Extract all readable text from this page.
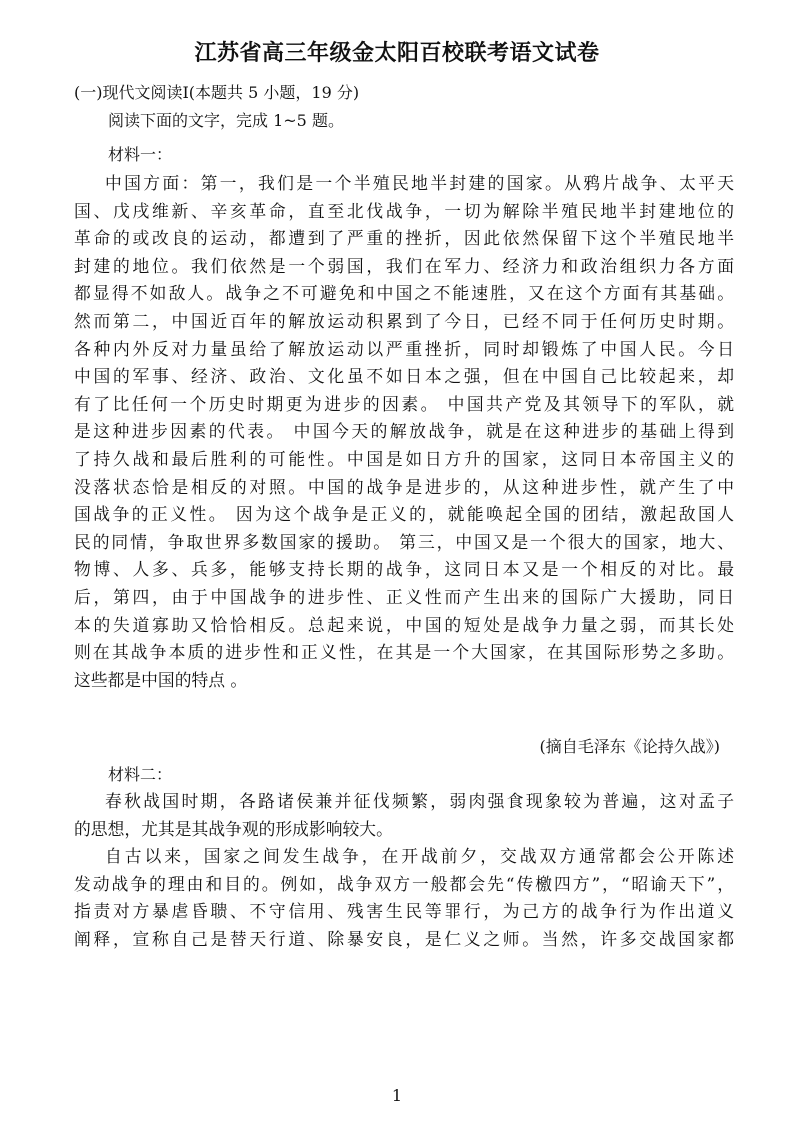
江苏省高三年级金太阳百校联考语文试卷
(一)现代文阅读I(本题共 5 小题，19 分)
阅读下面的文字，完成 1~5 题。
材料一：
中国方面：第一，我们是一个半殖民地半封建的国家。从鸦片战争、太平天
国、戊戌维新、辛亥革命，直至北伐战争，一切为解除半殖民地半封建地位的
革命的或改良的运动，都遭到了严重的挫折，因此依然保留下这个半殖民地半
封建的地位。我们依然是一个弱国，我们在军力、经济力和政治组织力各方面
都显得不如敌人。战争之不可避免和中国之不能速胜，又在这个方面有其基础。
然而第二，中国近百年的解放运动积累到了今日，已经不同于任何历史时期。
各种内外反对力量虽给了解放运动以严重挫折，同时却锻炼了中国人民。今日
中国的军事、经济、政治、文化虽不如日本之强，但在中国自己比较起来，却
有了比任何一个历史时期更为进步的因素。 中国共产党及其领导下的军队，就
是这种进步因素的代表。 中国今天的解放战争，就是在这种进步的基础上得到
了持久战和最后胜利的可能性。中国是如日方升的国家，这同日本帝国主义的
没落状态恰是相反的对照。中国的战争是进步的，从这种进步性，就产生了中
国战争的正义性。 因为这个战争是正义的，就能唤起全国的团结，激起敌国人
民的同情，争取世界多数国家的援助。 第三，中国又是一个很大的国家，地大、
物博、人多、兵多，能够支持长期的战争，这同日本又是一个相反的对比。最
后，第四，由于中国战争的进步性、正义性而产生出来的国际广大援助，同日
本的失道寡助又恰恰相反。总起来说，中国的短处是战争力量之弱，而其长处
则在其战争本质的进步性和正义性，在其是一个大国家，在其国际形势之多助。
这些都是中国的特点 。
(摘自毛泽东《论持久战》)
材料二：
春秋战国时期，各路诸侯兼并征伐频繁，弱肉强食现象较为普遍，这对孟子
的思想，尤其是其战争观的形成影响较大。
自古以来，国家之间发生战争，在开战前夕，交战双方通常都会公开陈述
发动战争的理由和目的。例如，战争双方一般都会先“传檄四方”，“昭谕天下”，
指责对方暴虐昏聩、不守信用、残害生民等罪行，为己方的战争行为作出道义
阐释，宣称自己是替天行道、除暴安良，是仁义之师。当然，许多交战国家都
1
